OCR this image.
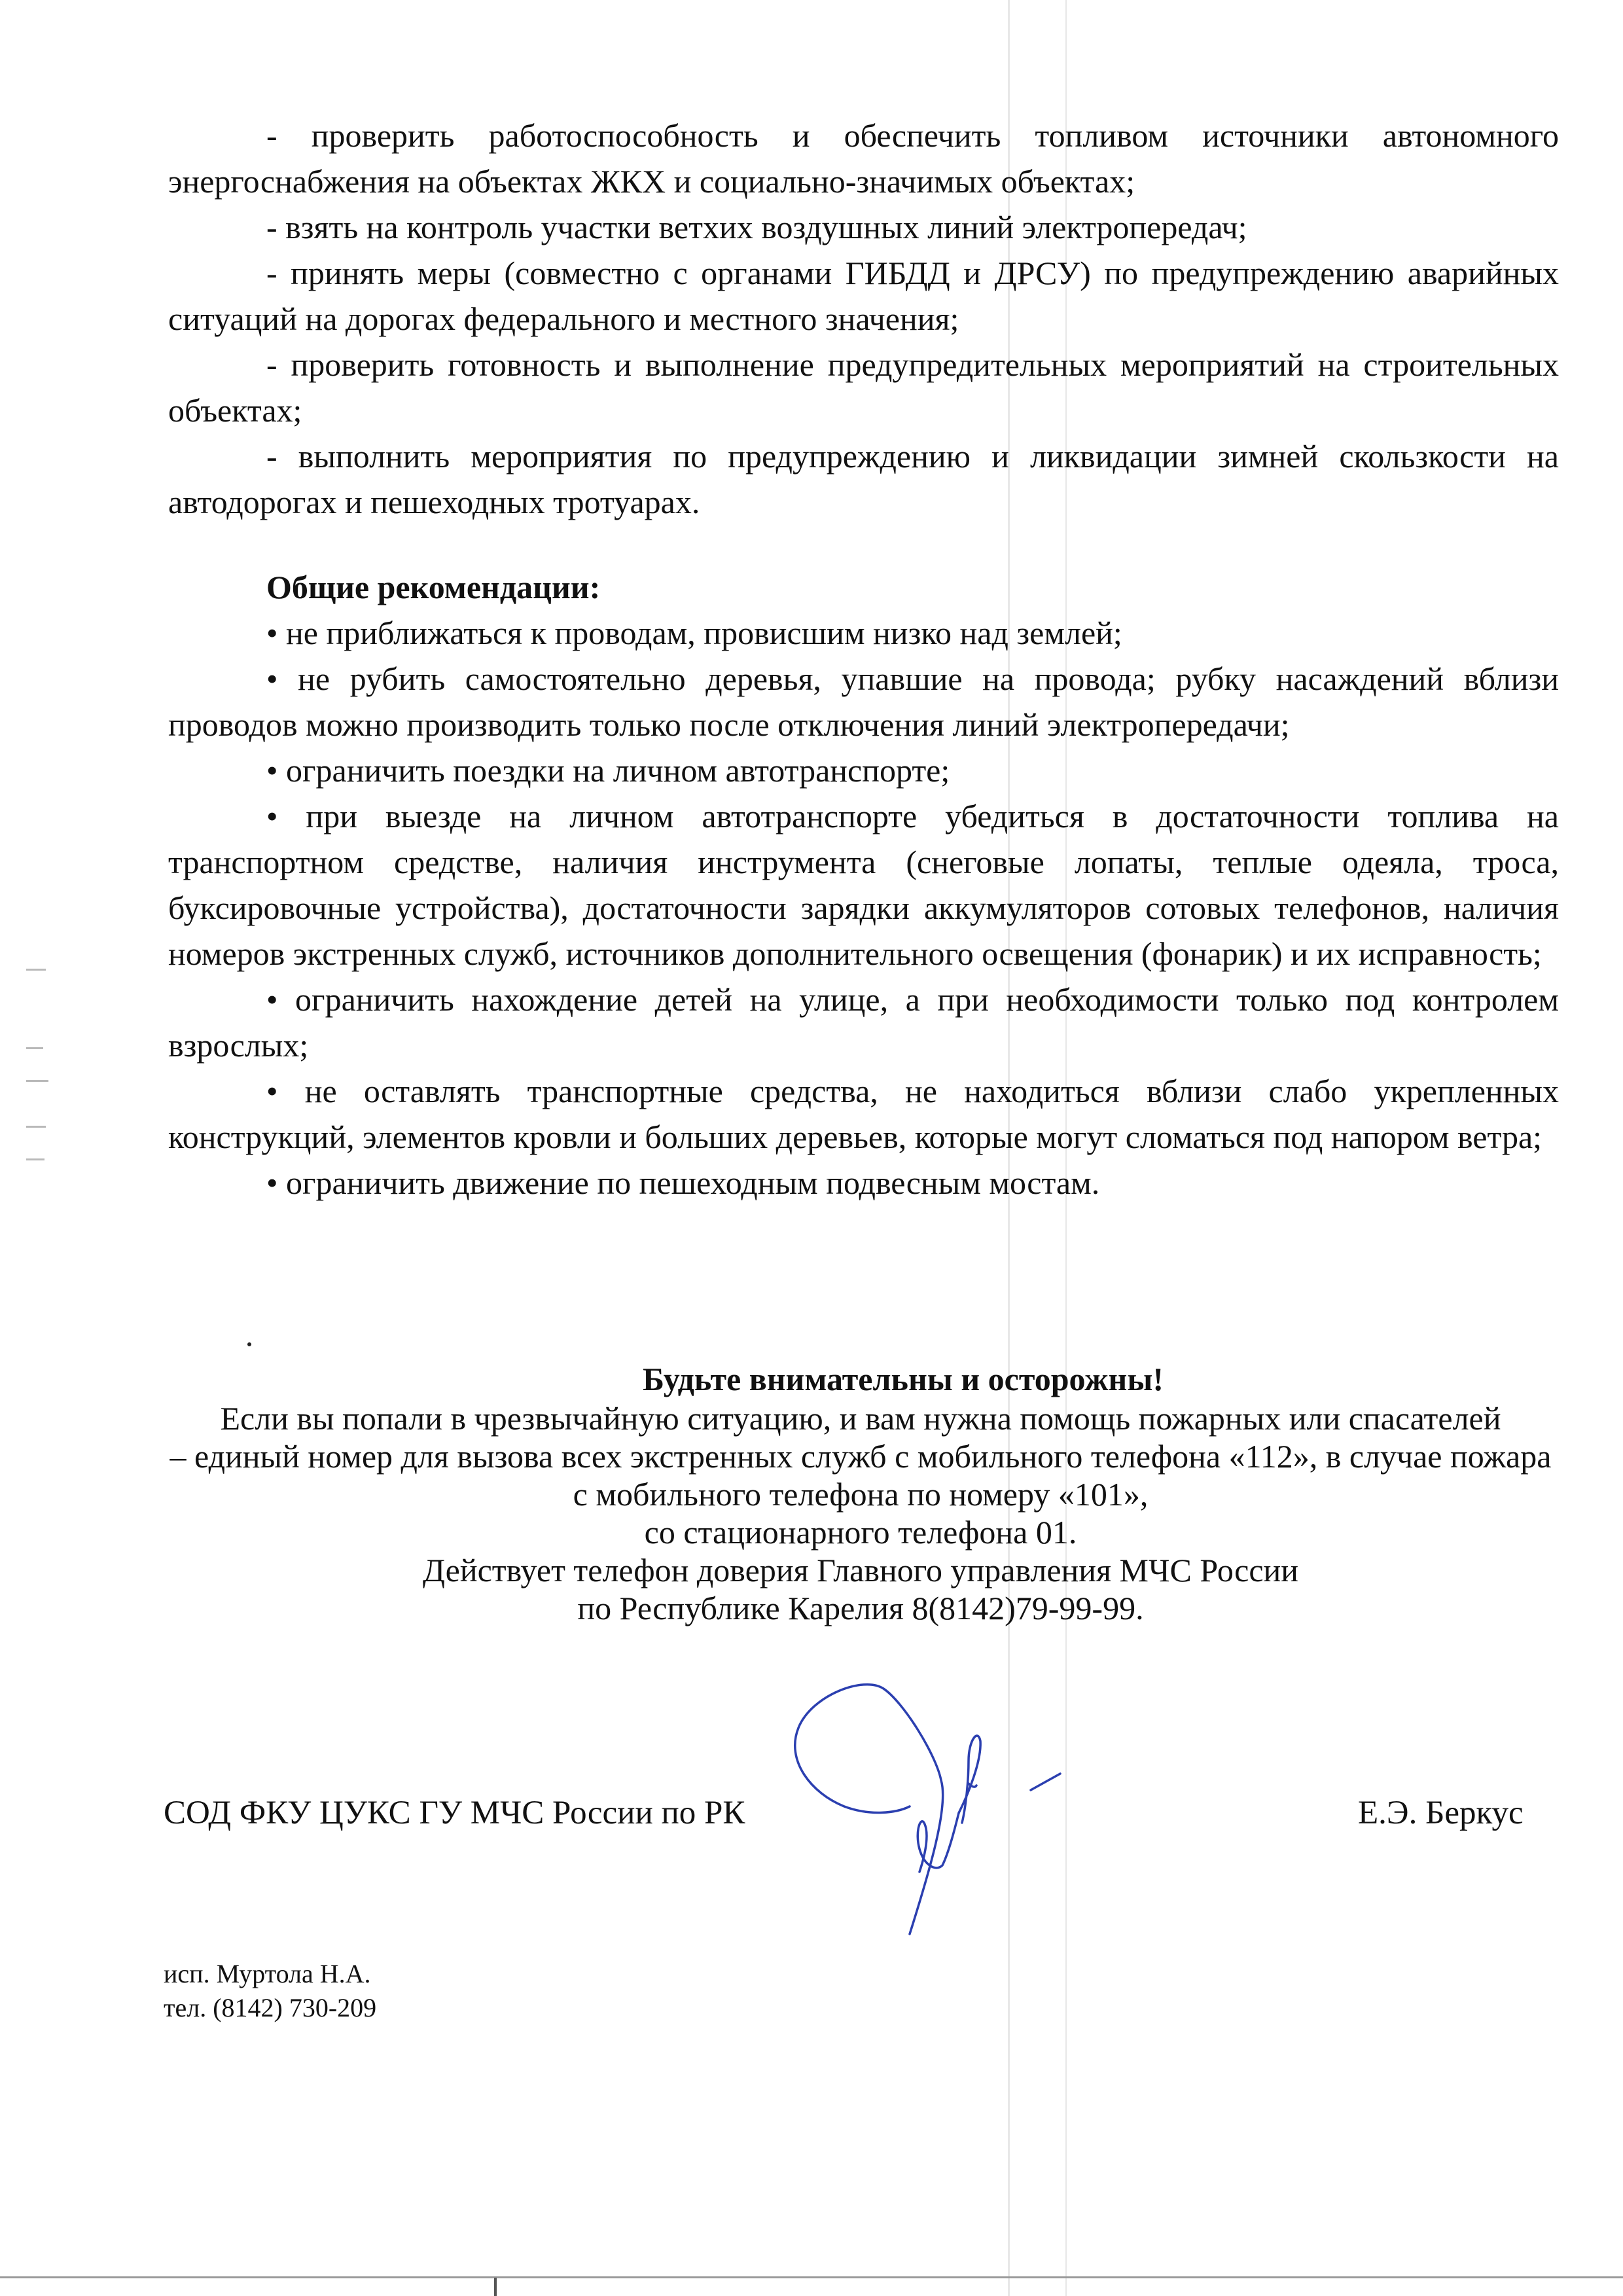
- проверить работоспособность и обеспечить топливом источники автономного энергоснабжения на объектах ЖКХ и социально-значимых объектах;

- взять на контроль участки ветхих воздушных линий электропередач;

- принять меры (совместно с органами ГИБДД и ДРСУ) по предупреждению аварийных ситуаций на дорогах федерального и местного значения;

- проверить готовность и выполнение предупредительных мероприятий на строительных объектах;

- выполнить мероприятия по предупреждению и ликвидации зимней скользкости на автодорогах и пешеходных тротуарах.

Общие рекомендации:

• не приближаться к проводам, провисшим низко над землей;

• не рубить самостоятельно деревья, упавшие на провода; рубку насаждений вблизи проводов можно производить только после отключения линий электропередачи;

• ограничить поездки на личном автотранспорте;

• при выезде на личном автотранспорте убедиться в достаточности топлива на транспортном средстве, наличия инструмента (снеговые лопаты, теплые одеяла, троса, буксировочные устройства), достаточности зарядки аккумуляторов сотовых телефонов, наличия номеров экстренных служб, источников дополнительного освещения (фонарик) и их исправность;

• ограничить нахождение детей на улице, а при необходимости только под контролем взрослых;

• не оставлять транспортные средства, не находиться вблизи слабо укрепленных конструкций, элементов кровли и больших деревьев, которые могут сломаться под напором ветра;

• ограничить движение по пешеходным подвесным мостам.

Будьте внимательны и осторожны!
Если вы попали в чрезвычайную ситуацию, и вам нужна помощь пожарных или спасателей
– единый номер для вызова всех экстренных служб с мобильного телефона «112», в случае пожара
с мобильного телефона по номеру «101»,
со стационарного телефона 01.
Действует телефон доверия Главного управления МЧС России
по Республике Карелия 8(8142)79-99-99.
СОД ФКУ ЦУКС ГУ МЧС России по РК	Е.Э. Беркус
исп. Муртола Н.А.
тел. (8142) 730-209
